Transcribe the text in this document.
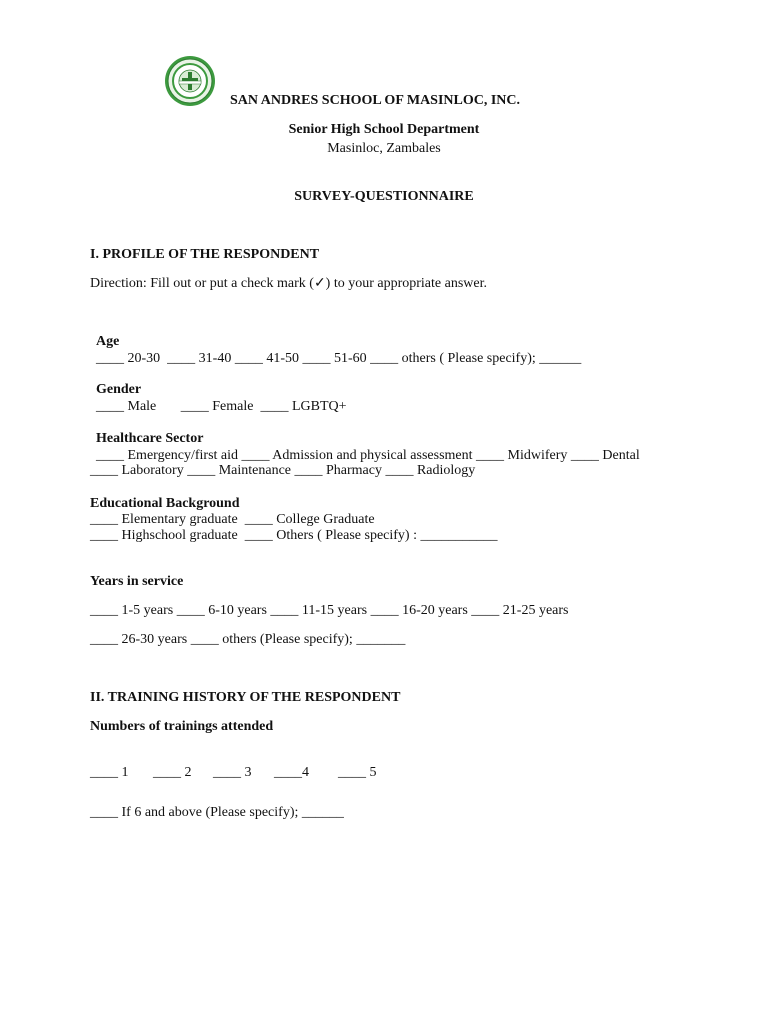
SAN ANDRES SCHOOL OF MASINLOC, INC.
Senior High School Department
Masinloc, Zambales
SURVEY-QUESTIONNAIRE
I. PROFILE OF THE RESPONDENT
Direction: Fill out or put a check mark (✓) to your appropriate answer.
Age
____ 20-30  ____ 31-40 ____ 41-50 ____ 51-60 ____ others ( Please specify); ______
Gender
____ Male       ____ Female  ____ LGBTQ+
Healthcare Sector
____ Emergency/first aid ____ Admission and physical assessment ____ Midwifery ____ Dental
____ Laboratory ____ Maintenance ____ Pharmacy ____ Radiology
Educational Background
____ Elementary graduate  ____ College Graduate
____ Highschool graduate  ____ Others ( Please specify) : ___________
Years in service
____ 1-5 years ____ 6-10 years ____ 11-15 years ____ 16-20 years ____ 21-25 years
____ 26-30 years ____ others (Please specify); _______
II. TRAINING HISTORY OF THE RESPONDENT
Numbers of trainings attended
____ 1 ____ 2 ____ 3 ____4 ____ 5
____ If 6 and above (Please specify); ______
